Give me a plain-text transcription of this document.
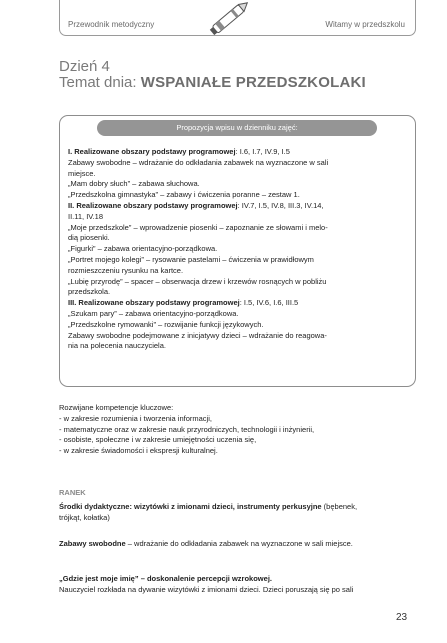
Przewodnik metodyczny	Witamy w przedszkolu
Dzień 4
Temat dnia: WSPANIAŁE PRZEDSZKOLAKI
Propozycja wpisu w dzienniku zajęć:

I. Realizowane obszary podstawy programowej: I.6, I.7, IV.9, I.5

Zabawy swobodne – wdrażanie do odkładania zabawek na wyznaczone w sali

miejsce.

„Mam dobry słuch” – zabawa słuchowa.

„Przedszkolna gimnastyka” – zabawy i ćwiczenia poranne – zestaw 1.

II. Realizowane obszary podstawy programowej: IV.7, I.5, IV.8, III.3, IV.14,

II.11, IV.18

„Moje przedszkole” – wprowadzenie piosenki – zapoznanie ze słowami i melo-

dią piosenki.

„Figurki” – zabawa orientacyjno-porządkowa.

„Portret mojego kolegi” – rysowanie pastelami – ćwiczenia w prawidłowym

rozmieszczeniu rysunku na kartce.

„Lubię przyrodę” – spacer – obserwacja drzew i krzewów rosnących w pobliżu

przedszkola.

III. Realizowane obszary podstawy programowej: I.5, IV.6, I.6, III.5

„Szukam pary” – zabawa orientacyjno-porządkowa.

„Przedszkolne rymowanki” – rozwijanie funkcji językowych.

Zabawy swobodne podejmowane z inicjatywy dzieci – wdrażanie do reagowa-

nia na polecenia nauczyciela.

Rozwijane kompetencje kluczowe:

- w zakresie rozumienia i tworzenia informacji,

- matematyczne oraz w zakresie nauk przyrodniczych, technologii i inżynierii,

- osobiste, społeczne i w zakresie umiejętności uczenia się,

- w zakresie świadomości i ekspresji kulturalnej.

RANEK

Środki dydaktyczne: wizytówki z imionami dzieci, instrumenty perkusyjne (bębenek,

trójkąt, kołatka)

Zabawy swobodne – wdrażanie do odkładania zabawek na wyznaczone w sali miejsce.

„Gdzie jest moje imię” – doskonalenie percepcji wzrokowej.

Nauczyciel rozkłada na dywanie wizytówki z imionami dzieci. Dzieci poruszają się po sali

23
